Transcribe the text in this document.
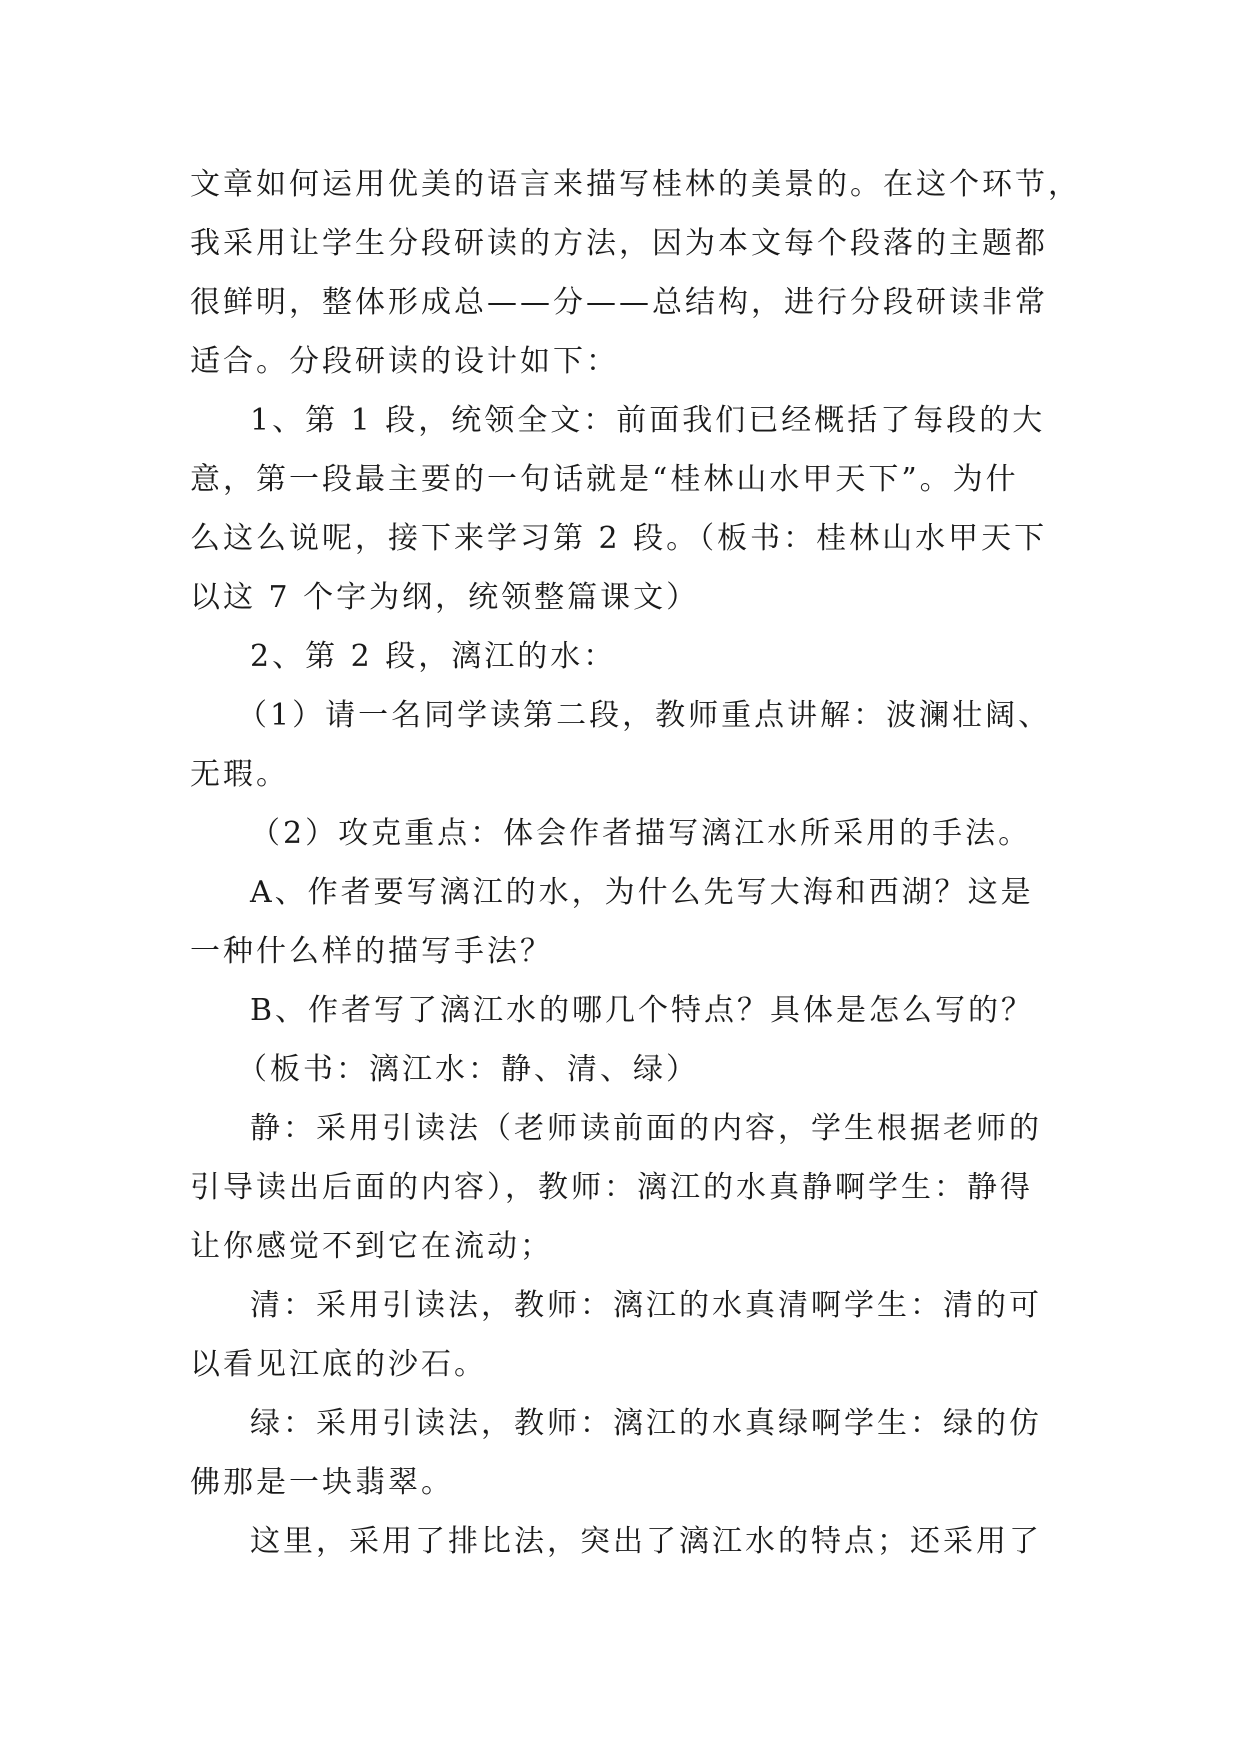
文章如何运用优美的语言来描写桂林的美景的。在这个环节，
我采用让学生分段研读的方法，因为本文每个段落的主题都
很鲜明，整体形成总——分——总结构，进行分段研读非常
适合。分段研读的设计如下：
1、第 1 段，统领全文：前面我们已经概括了每段的大
意，第一段最主要的一句话就是“桂林山水甲天下”。为什
么这么说呢，接下来学习第 2 段。（板书：桂林山水甲天下
以这 7 个字为纲，统领整篇课文）
2、第 2 段，漓江的水：
（1）请一名同学读第二段，教师重点讲解：波澜壮阔、
无瑕。
（2）攻克重点：体会作者描写漓江水所采用的手法。
A、作者要写漓江的水，为什么先写大海和西湖？这是
一种什么样的描写手法？
B、作者写了漓江水的哪几个特点？具体是怎么写的？
（板书：漓江水：静、清、绿）
静：采用引读法（老师读前面的内容，学生根据老师的
引导读出后面的内容），教师：漓江的水真静啊学生：静得
让你感觉不到它在流动；
清：采用引读法，教师：漓江的水真清啊学生：清的可
以看见江底的沙石。
绿：采用引读法，教师：漓江的水真绿啊学生：绿的仿
佛那是一块翡翠。
这里，采用了排比法，突出了漓江水的特点；还采用了
